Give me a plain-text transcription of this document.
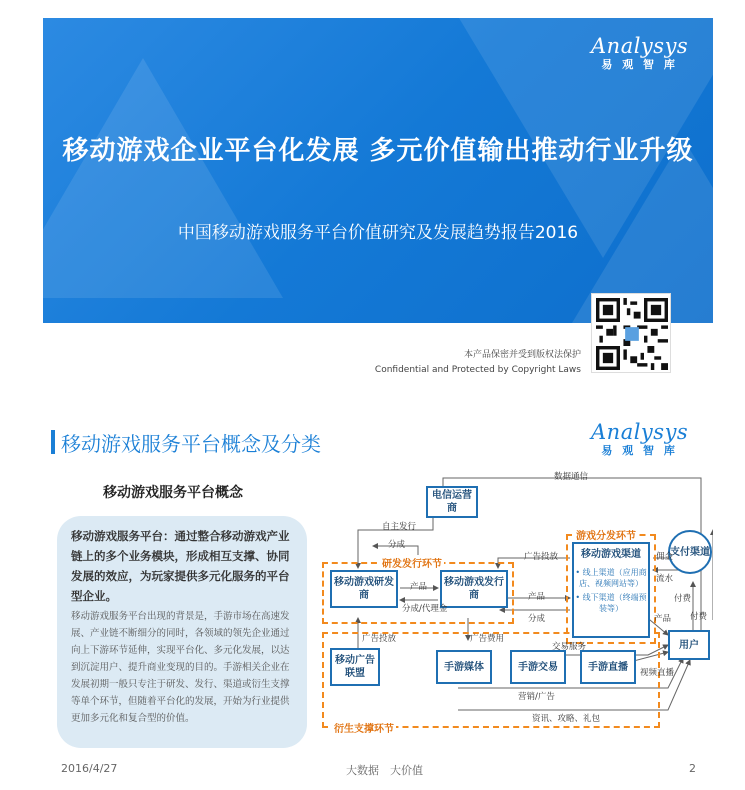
Analysys
易 观 智 库
移动游戏企业平台化发展 多元价值输出推动行业升级
中国移动游戏服务平台价值研究及发展趋势报告2016
本产品保密并受到版权法保护
Confidential and Protected by Copyright Laws
移动游戏服务平台概念及分类	Analysys
易 观 智 库
移动游戏服务平台概念
移动游戏服务平台：通过整合移动游戏产业链上的多个业务模块，形成相互支撑、协同发展的效应，为玩家提供多元化服务的平台型企业。
移动游戏服务平台出现的背景是，手游市场在高速发展、产业链不断细分的同时，各领域的领先企业通过向上下游环节延伸，实现平台化、多元化发展，以达到沉淀用户、提升商业变现的目的。手游相关企业在发展初期一般只专注于研发、发行、渠道或衍生支撑等单个环节，但随着平台化的发展，开始为行业提供更加多元化和复合型的价值。
研发发行环节
游戏分发环节
衍生支撑环节
电信运营商
移动游戏研发商
移动游戏发行商
移动游戏渠道
• 线上渠道（应用商店、视频网站等）
• 线下渠道（终端预装等）
支付渠道
用户
移动广告联盟
手游媒体	手游交易	手游直播
数据通信
自主发行
分成
广告投放
产品
分成/代理金
产品
分成
佣金
流水
付费
产品 付费
广告投放	广告费用
交易服务
视频直播
营销/广告
资讯、攻略、礼包
2016/4/27	大数据　大价值	2
